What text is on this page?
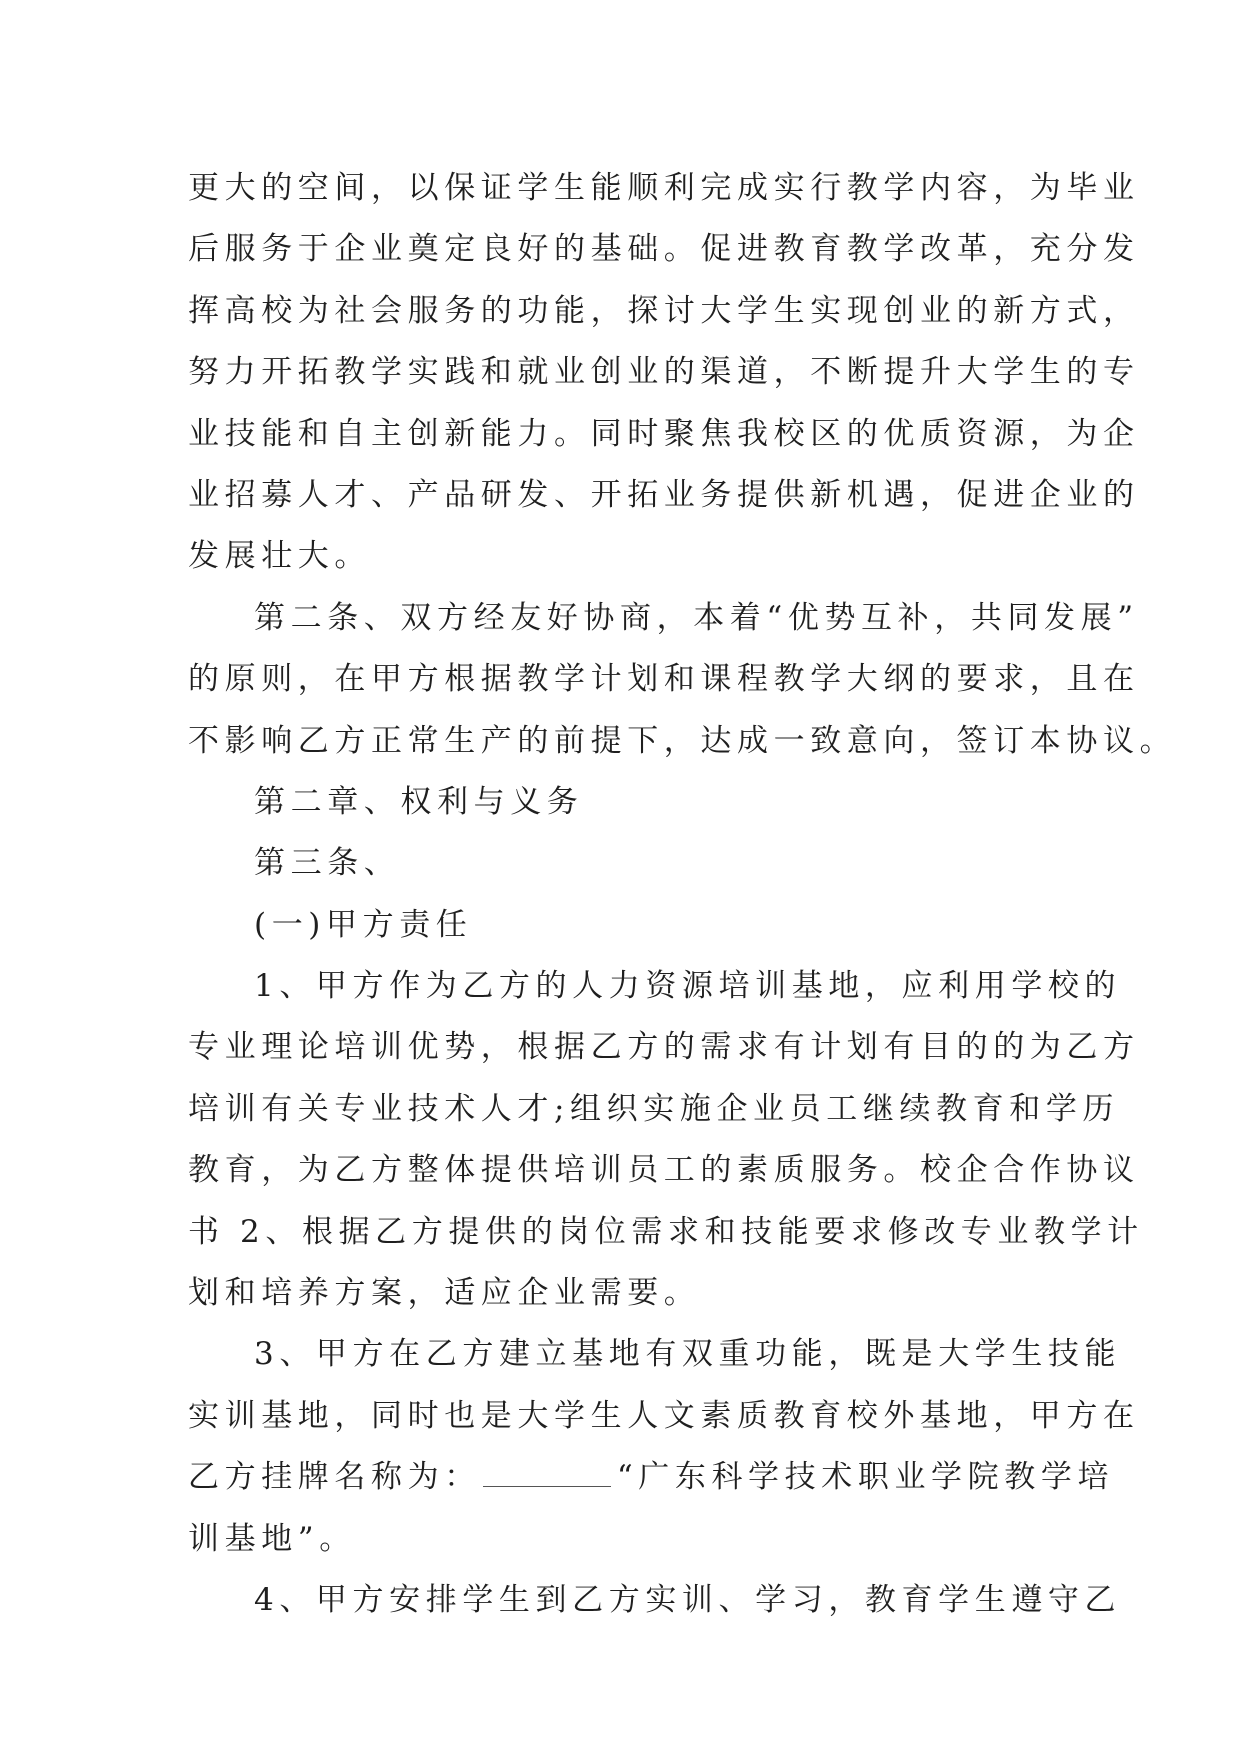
更大的空间，以保证学生能顺利完成实行教学内容，为毕业
后服务于企业奠定良好的基础。促进教育教学改革，充分发
挥高校为社会服务的功能，探讨大学生实现创业的新方式，
努力开拓教学实践和就业创业的渠道，不断提升大学生的专
业技能和自主创新能力。同时聚焦我校区的优质资源，为企
业招募人才、产品研发、开拓业务提供新机遇，促进企业的
发展壮大。
第二条、双方经友好协商，本着“优势互补，共同发展”
的原则，在甲方根据教学计划和课程教学大纲的要求，且在
不影响乙方正常生产的前提下，达成一致意向，签订本协议。
第二章、权利与义务
第三条、
(一)甲方责任
1、甲方作为乙方的人力资源培训基地，应利用学校的
专业理论培训优势，根据乙方的需求有计划有目的的为乙方
培训有关专业技术人才;组织实施企业员工继续教育和学历
教育，为乙方整体提供培训员工的素质服务。校企合作协议
书 2、根据乙方提供的岗位需求和技能要求修改专业教学计
划和培养方案，适应企业需要。
3、甲方在乙方建立基地有双重功能，既是大学生技能
实训基地，同时也是大学生人文素质教育校外基地，甲方在
乙方挂牌名称为：	“广东科学技术职业学院教学培
训基地”。
4、甲方安排学生到乙方实训、学习，教育学生遵守乙
